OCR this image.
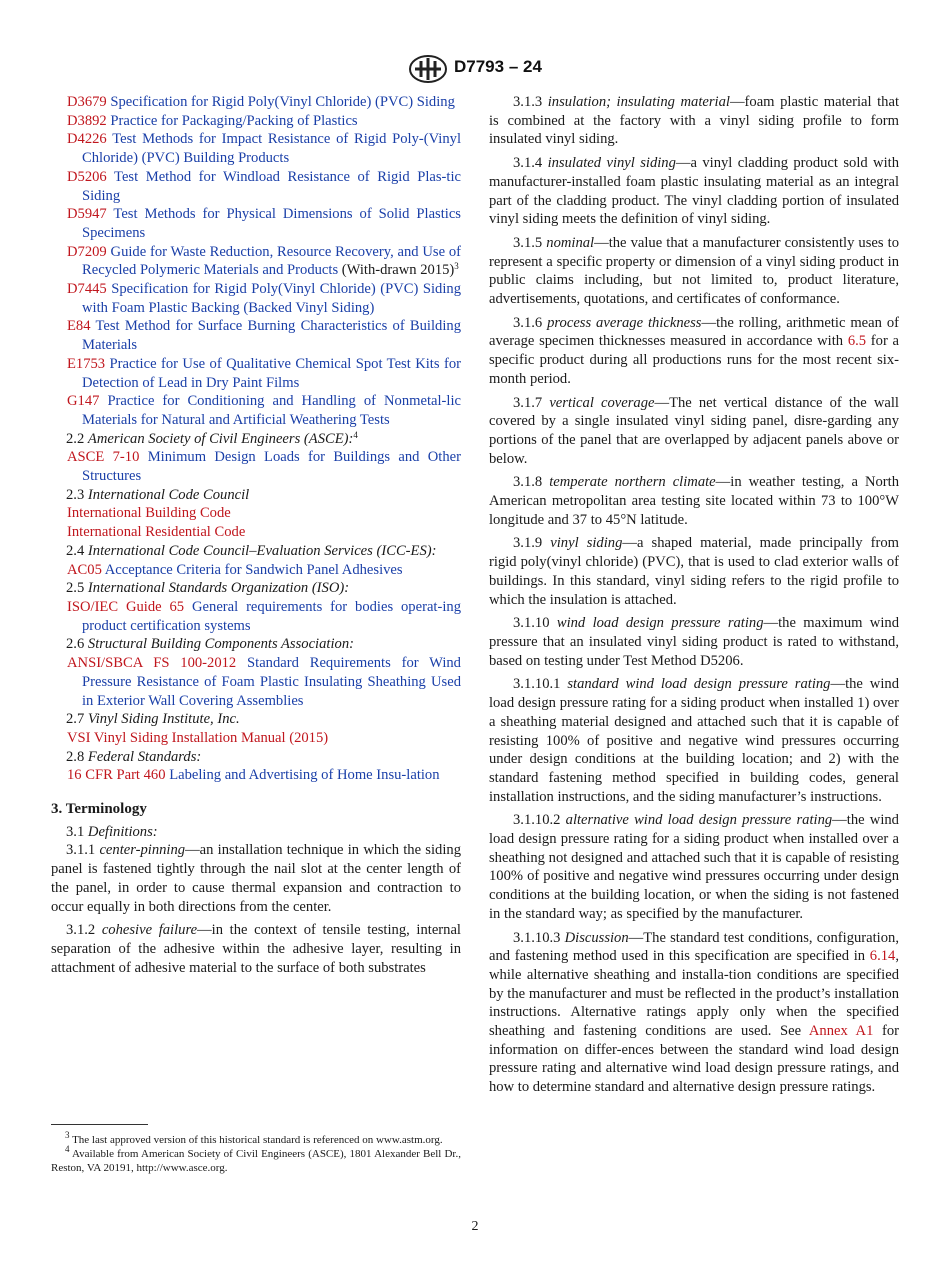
D7793 – 24

D3679 Specification for Rigid Poly(Vinyl Chloride) (PVC) Siding

D3892 Practice for Packaging/Packing of Plastics

D4226 Test Methods for Impact Resistance of Rigid Poly-(Vinyl Chloride) (PVC) Building Products

D5206 Test Method for Windload Resistance of Rigid Plas-tic Siding

D5947 Test Methods for Physical Dimensions of Solid Plastics Specimens

D7209 Guide for Waste Reduction, Resource Recovery, and Use of Recycled Polymeric Materials and Products (With-drawn 2015)$^3$

D7445 Specification for Rigid Poly(Vinyl Chloride) (PVC) Siding with Foam Plastic Backing (Backed Vinyl Siding)

E84 Test Method for Surface Burning Characteristics of Building Materials

E1753 Practice for Use of Qualitative Chemical Spot Test Kits for Detection of Lead in Dry Paint Films

G147 Practice for Conditioning and Handling of Nonmetal-lic Materials for Natural and Artificial Weathering Tests

2.2 American Society of Civil Engineers (ASCE):$^4$

ASCE 7-10 Minimum Design Loads for Buildings and Other Structures

2.3 International Code Council

International Building Code

International Residential Code

2.4 International Code Council–Evaluation Services (ICC-ES):

AC05 Acceptance Criteria for Sandwich Panel Adhesives

2.5 International Standards Organization (ISO):

ISO/IEC Guide 65 General requirements for bodies operat-ing product certification systems

2.6 Structural Building Components Association:

ANSI/SBCA FS 100-2012 Standard Requirements for Wind Pressure Resistance of Foam Plastic Insulating Sheathing Used in Exterior Wall Covering Assemblies

2.7 Vinyl Siding Institute, Inc.

VSI Vinyl Siding Installation Manual (2015)

2.8 Federal Standards:

16 CFR Part 460 Labeling and Advertising of Home Insu-lation

3. Terminology

3.1 Definitions:

3.1.1 center-pinning—an installation technique in which the siding panel is fastened tightly through the nail slot at the center length of the panel, in order to cause thermal expansion and contraction to occur equally in both directions from the center.

3.1.2 cohesive failure—in the context of tensile testing, internal separation of the adhesive within the adhesive layer, resulting in attachment of adhesive material to the surface of both substrates

3.1.3 insulation; insulating material—foam plastic material that is combined at the factory with a vinyl siding profile to form insulated vinyl siding.

3.1.4 insulated vinyl siding—a vinyl cladding product sold with manufacturer-installed foam plastic insulating material as an integral part of the cladding product. The vinyl cladding portion of insulated vinyl siding meets the definition of vinyl siding.

3.1.5 nominal—the value that a manufacturer consistently uses to represent a specific property or dimension of a vinyl siding product in public claims including, but not limited to, product literature, advertisements, quotations, and certificates of conformance.

3.1.6 process average thickness—the rolling, arithmetic mean of average specimen thicknesses measured in accordance with 6.5 for a specific product during all productions runs for the most recent six-month period.

3.1.7 vertical coverage—The net vertical distance of the wall covered by a single insulated vinyl siding panel, disre-garding any portions of the panel that are overlapped by adjacent panels above or below.

3.1.8 temperate northern climate—in weather testing, a North American metropolitan area testing site located within 73 to 100°W longitude and 37 to 45°N latitude.

3.1.9 vinyl siding—a shaped material, made principally from rigid poly(vinyl chloride) (PVC), that is used to clad exterior walls of buildings. In this standard, vinyl siding refers to the rigid profile to which the insulation is attached.

3.1.10 wind load design pressure rating—the maximum wind pressure that an insulated vinyl siding product is rated to withstand, based on testing under Test Method D5206.

3.1.10.1 standard wind load design pressure rating—the wind load design pressure rating for a siding product when installed 1) over a sheathing material designed and attached such that it is capable of resisting 100% of positive and negative wind pressures occurring under design conditions at the building location; and 2) with the standard fastening method specified in building codes, general installation instructions, and the siding manufacturer’s instructions.

3.1.10.2 alternative wind load design pressure rating—the wind load design pressure rating for a siding product when installed over a sheathing not designed and attached such that it is capable of resisting 100% of positive and negative wind pressures occurring under design conditions at the building location, or when the siding is not fastened in the standard way; as specified by the manufacturer.

3.1.10.3 Discussion—The standard test conditions, configuration, and fastening method used in this specification are specified in 6.14, while alternative sheathing and installa-tion conditions are specified by the manufacturer and must be reflected in the product’s installation instructions. Alternative ratings apply only when the specified sheathing and fastening conditions are used. See Annex A1 for information on differ-ences between the standard wind load design pressure rating and alternative wind load design pressure ratings, and how to determine standard and alternative design pressure ratings.

$^3$ The last approved version of this historical standard is referenced on www.astm.org.

$^4$ Available from American Society of Civil Engineers (ASCE), 1801 Alexander Bell Dr., Reston, VA 20191, http://www.asce.org.

2
